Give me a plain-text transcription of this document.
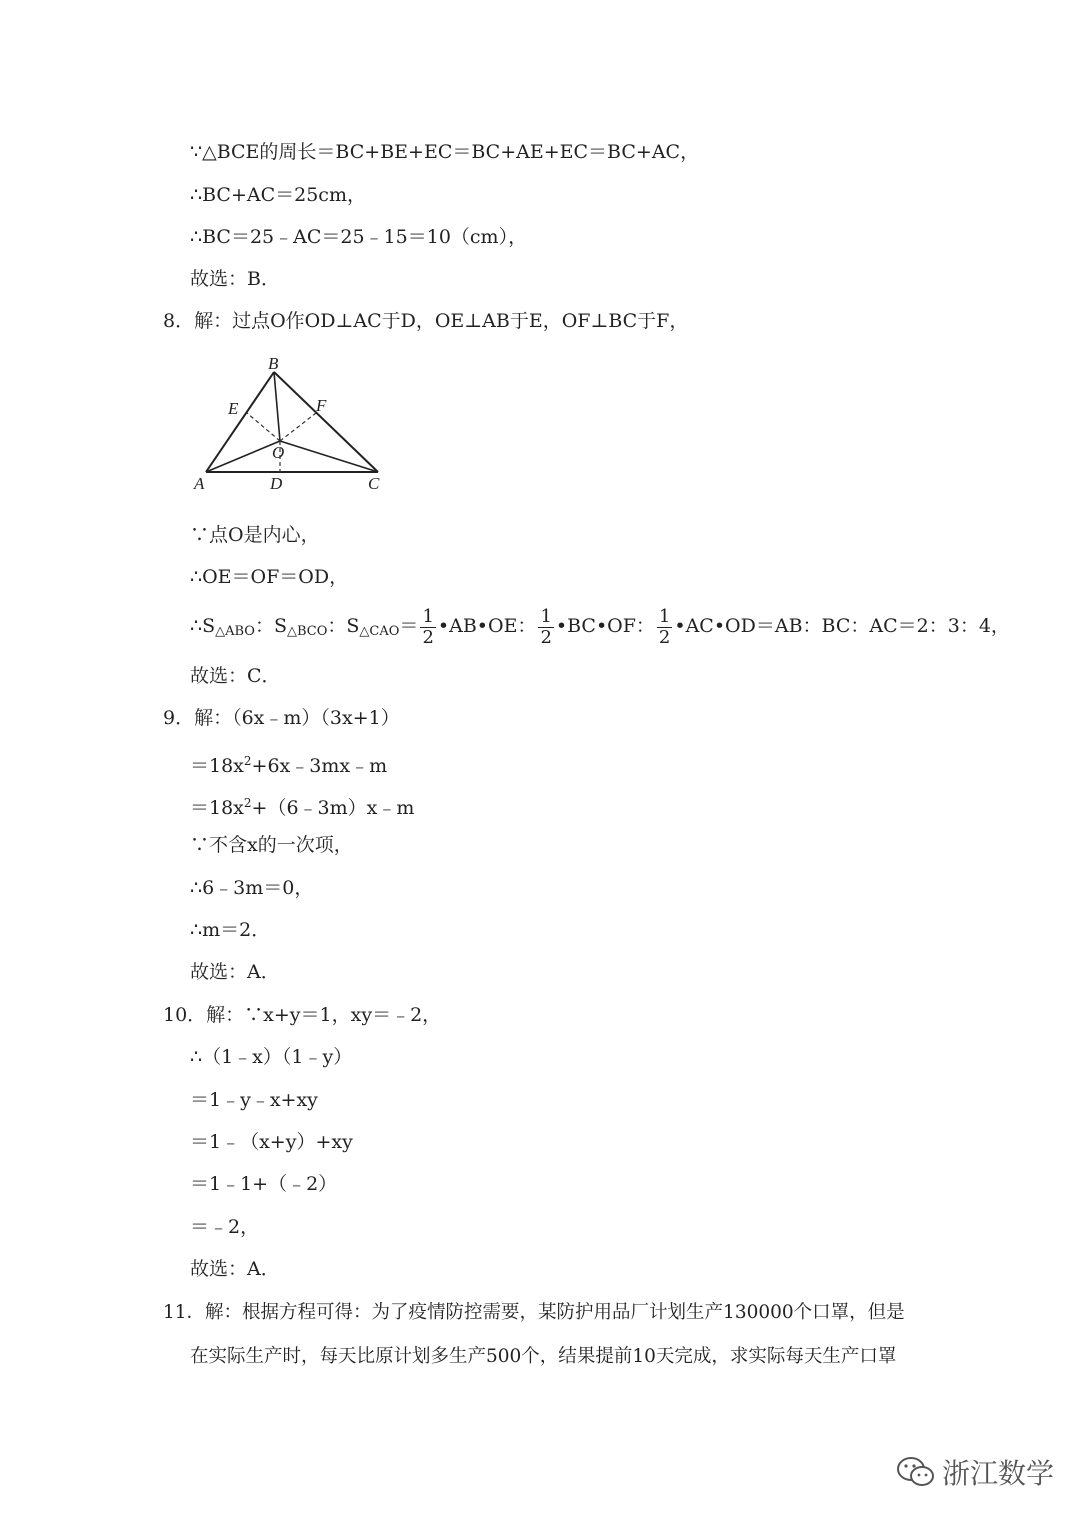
∵△BCE的周长＝BC+BE+EC＝BC+AE+EC＝BC+AC，
∴BC+AC＝25cm，
∴BC＝25﹣AC＝25﹣15＝10（cm），
故选：B．
8．解：过点O作OD⊥AC于D，OE⊥AB于E，OF⊥BC于F，
B
E	F
O
A	D	C
∵点O是内心，
∴OE＝OF＝OD，
$\therefore S_{\triangle ABO}$：$S_{\triangle BCO}$：$S_{\triangle CAO}= \frac{1}{2}$ •AB•OE： $\frac{1}{2}$ •BC•OF： $\frac{1}{2}$ •AC•OD＝AB：BC：AC＝2：3：4，
故选：C．
9．解：（6x﹣m）（3x+1）
$=18x^2+6x﹣3mx﹣m$
$=18x^2+(6﹣3m)x﹣m$
∵不含x的一次项，
∴6﹣3m＝0，
∴m＝2．
故选：A．
10．解：∵x+y＝1，xy＝﹣2，
∴（1﹣x）（1﹣y）
＝1﹣y﹣x+xy
＝1﹣（x+y）+xy
＝1﹣1+（﹣2）
＝﹣2，
故选：A．
11．解：根据方程可得：为了疫情防控需要，某防护用品厂计划生产130000个口罩，但是
在实际生产时，每天比原计划多生产500个，结果提前10天完成，求实际每天生产口罩
浙江数学
